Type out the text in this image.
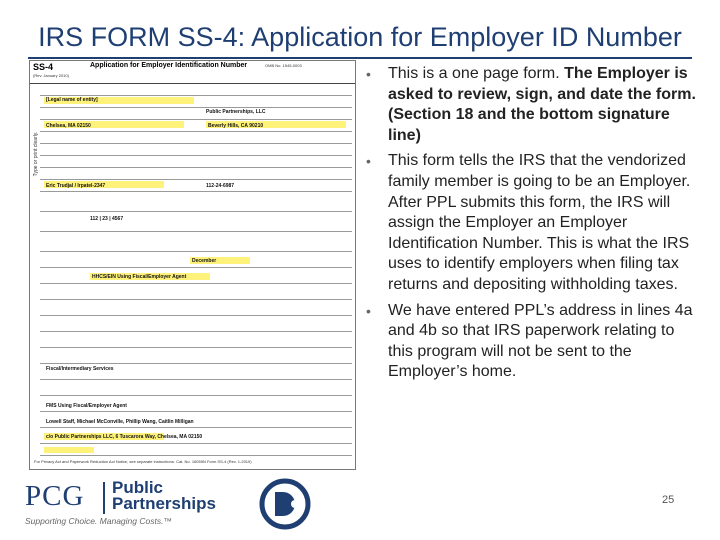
IRS FORM SS-4: Application for Employer ID Number
SS-4
(Rev. January 2010)
Application for Employer Identification Number	OMB No. 1545-0003
Type or print clearly.
[Legal name of entity]
Public Partnerships, LLC
Chelsea, MA 02150	Beverly Hills, CA 90210
Eric Trudjal / Irpatel-2347	112-24-6987
112 | 23 | 4567
HHCS/EIN Using Fiscal/Employer Agent
December
FMS Using Fiscal/Employer Agent
Lowell Staff, Michael McConville, Phillip Wang, Caitlin Milligan
c/o Public Partnerships LLC, 6 Tuscarora Way, Chelsea, MA 02150
Fiscal/Intermediary Services
For Privacy Act and Paperwork Reduction Act Notice, see separate instructions. Cat. No. 16055N Form SS-4 (Rev. 1-2010)
• This is a one page form. The Employer is asked to review, sign, and date the form. (Section 18 and the bottom signature line)
• This form tells the IRS that the vendorized family member is going to be an Employer. After PPL submits this form, the IRS will assign the Employer an Employer Identification Number. This is what the IRS uses to identify employers when filing tax returns and depositing withholding taxes.
• We have entered PPL’s address in lines 4a and 4b so that IRS paperwork relating to this program will not be sent to the Employer’s home.
PCG Public
Partnerships
Supporting Choice. Managing Costs.™
25
